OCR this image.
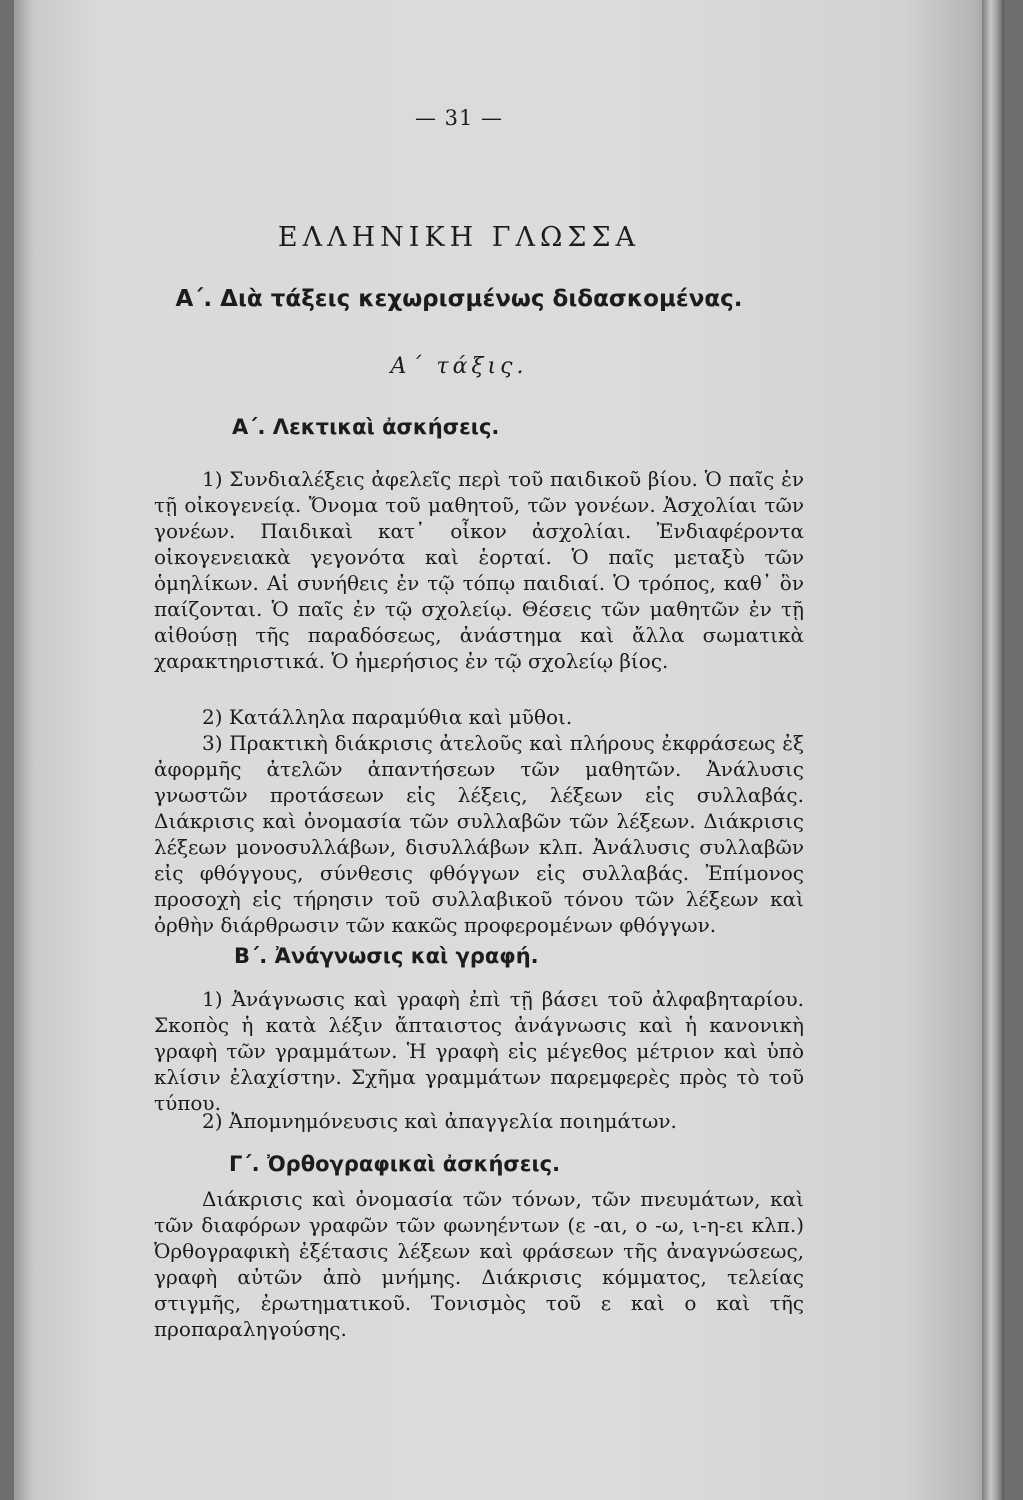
— 31 —
ΕΛΛΗΝΙΚΗ ΓΛΩΣΣΑ
Α΄. Διὰ τάξεις κεχωρισμένως διδασκομένας.
Α΄ τάξις.
Α΄. Λεκτικαὶ ἀσκήσεις.
1) Συνδιαλέξεις ἀφελεῖς περὶ τοῦ παιδικοῦ βίου. Ὁ παῖς ἐν τῇ οἰκογενείᾳ. Ὄνομα τοῦ μαθητοῦ, τῶν γονέων. Ἀσχολίαι τῶν γονέων. Παιδικαὶ κατ᾽ οἶκον ἀσχολίαι. Ἐνδιαφέροντα οἰκογενειακὰ γεγονότα καὶ ἑορταί. Ὁ παῖς μεταξὺ τῶν ὁμηλίκων. Αἱ συνήθεις ἐν τῷ τόπῳ παιδιαί. Ὁ τρόπος, καθ᾽ ὃν παίζονται. Ὁ παῖς ἐν τῷ σχολείῳ. Θέσεις τῶν μαθητῶν ἐν τῇ αἰθούσῃ τῆς παραδόσεως, ἀνάστημα καὶ ἄλλα σωματικὰ χαρακτηριστικά. Ὁ ἡμερήσιος ἐν τῷ σχολείῳ βίος.
2) Κατάλληλα παραμύθια καὶ μῦθοι.
3) Πρακτικὴ διάκρισις ἀτελοῦς καὶ πλήρους ἐκφράσεως ἐξ ἀφορμῆς ἀτελῶν ἀπαντήσεων τῶν μαθητῶν. Ἀνάλυσις γνωστῶν προτάσεων εἰς λέξεις, λέξεων εἰς συλλαβάς. Διάκρισις καὶ ὀνομασία τῶν συλλαβῶν τῶν λέξεων. Διάκρισις λέξεων μονοσυλλάβων, δισυλλάβων κλπ. Ἀνάλυσις συλλαβῶν εἰς φθόγγους, σύνθεσις φθόγγων εἰς συλλαβάς. Ἐπίμονος προσοχὴ εἰς τήρησιν τοῦ συλλαβικοῦ τόνου τῶν λέξεων καὶ ὀρθὴν διάρθρωσιν τῶν κακῶς προφερομένων φθόγγων.
Β΄. Ἀνάγνωσις καὶ γραφή.
1) Ἀνάγνωσις καὶ γραφὴ ἐπὶ τῇ βάσει τοῦ ἀλφαβηταρίου. Σκοπὸς ἡ κατὰ λέξιν ἄπταιστος ἀνάγνωσις καὶ ἡ κανονικὴ γραφὴ τῶν γραμμάτων. Ἡ γραφὴ εἰς μέγεθος μέτριον καὶ ὑπὸ κλίσιν ἐλαχίστην. Σχῆμα γραμμάτων παρεμφερὲς πρὸς τὸ τοῦ τύπου.
2) Ἀπομνημόνευσις καὶ ἀπαγγελία ποιημάτων.
Γ΄. Ὀρθογραφικαὶ ἀσκήσεις.
Διάκρισις καὶ ὀνομασία τῶν τόνων, τῶν πνευμάτων, καὶ τῶν διαφόρων γραφῶν τῶν φωνηέντων (ε -αι, ο -ω, ι-η-ει κλπ.) Ὀρθογραφικὴ ἐξέτασις λέξεων καὶ φράσεων τῆς ἀναγνώσεως, γραφὴ αὐτῶν ἀπὸ μνήμης. Διάκρισις κόμματος, τελείας στιγμῆς, ἐρωτηματικοῦ. Τονισμὸς τοῦ ε καὶ ο καὶ τῆς προπαραληγούσης.
